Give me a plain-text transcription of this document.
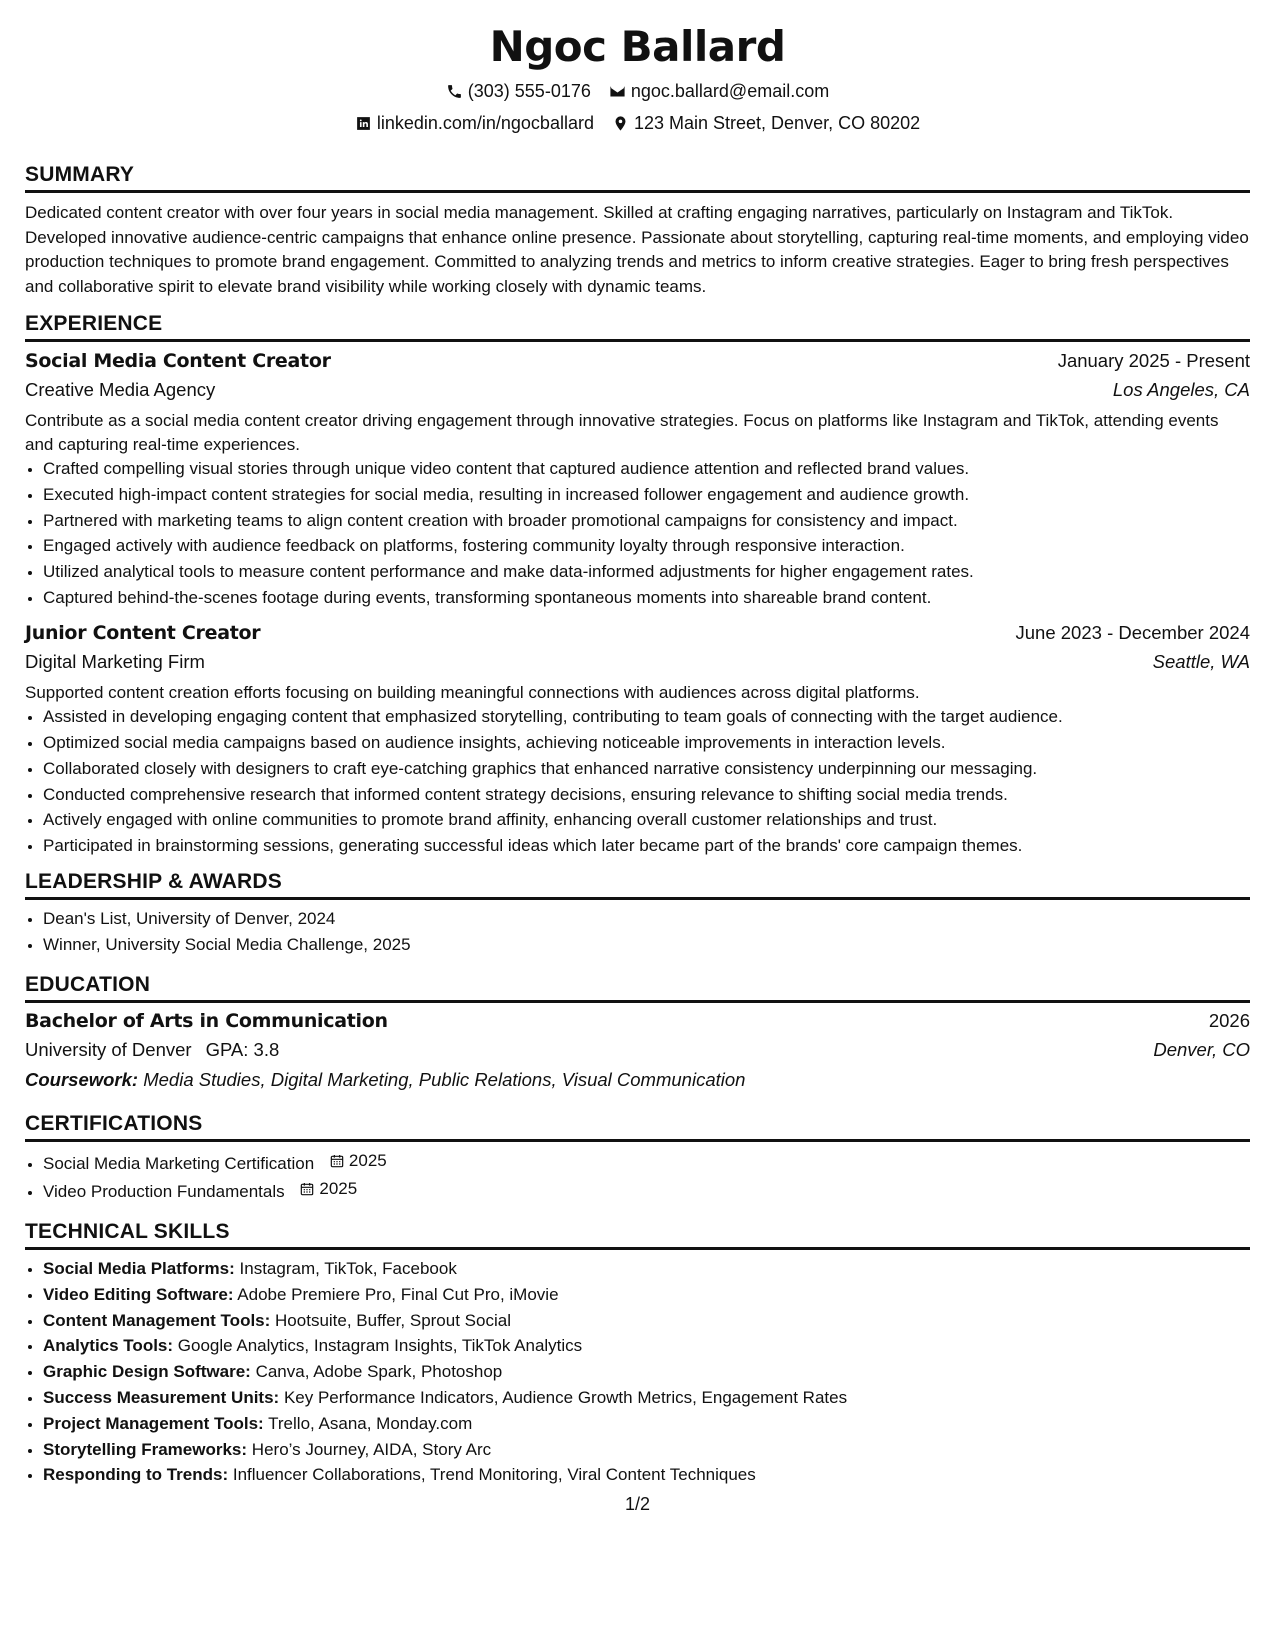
Ngoc Ballard
(303) 555-0176 ngoc.ballard@email.com
linkedin.com/in/ngocballard 123 Main Street, Denver, CO 80202
SUMMARY

Dedicated content creator with over four years in social media management. Skilled at crafting engaging narratives, particularly on Instagram and TikTok. Developed innovative audience-centric campaigns that enhance online presence. Passionate about storytelling, capturing real-time moments, and employing video production techniques to promote brand engagement. Committed to analyzing trends and metrics to inform creative strategies. Eager to bring fresh perspectives and collaborative spirit to elevate brand visibility while working closely with dynamic teams.

EXPERIENCE
Social Media Content Creator	January 2025 - Present
Creative Media Agency	Los Angeles, CA

Contribute as a social media content creator driving engagement through innovative strategies. Focus on platforms like Instagram and TikTok, attending events and capturing real-time experiences.

• Crafted compelling visual stories through unique video content that captured audience attention and reflected brand values.
• Executed high-impact content strategies for social media, resulting in increased follower engagement and audience growth.
• Partnered with marketing teams to align content creation with broader promotional campaigns for consistency and impact.
• Engaged actively with audience feedback on platforms, fostering community loyalty through responsive interaction.
• Utilized analytical tools to measure content performance and make data-informed adjustments for higher engagement rates.
• Captured behind-the-scenes footage during events, transforming spontaneous moments into shareable brand content.
Junior Content Creator	June 2023 - December 2024
Digital Marketing Firm	Seattle, WA

Supported content creation efforts focusing on building meaningful connections with audiences across digital platforms.

• Assisted in developing engaging content that emphasized storytelling, contributing to team goals of connecting with the target audience.
• Optimized social media campaigns based on audience insights, achieving noticeable improvements in interaction levels.
• Collaborated closely with designers to craft eye-catching graphics that enhanced narrative consistency underpinning our messaging.
• Conducted comprehensive research that informed content strategy decisions, ensuring relevance to shifting social media trends.
• Actively engaged with online communities to promote brand affinity, enhancing overall customer relationships and trust.
• Participated in brainstorming sessions, generating successful ideas which later became part of the brands' core campaign themes.
LEADERSHIP & AWARDS
• Dean's List, University of Denver, 2024
• Winner, University Social Media Challenge, 2025
EDUCATION
Bachelor of Arts in Communication	2026
University of Denver GPA: 3.8	Denver, CO
Coursework: Media Studies, Digital Marketing, Public Relations, Visual Communication
CERTIFICATIONS
• Social Media Marketing Certification 2025
• Video Production Fundamentals 2025
TECHNICAL SKILLS
• Social Media Platforms: Instagram, TikTok, Facebook
• Video Editing Software: Adobe Premiere Pro, Final Cut Pro, iMovie
• Content Management Tools: Hootsuite, Buffer, Sprout Social
• Analytics Tools: Google Analytics, Instagram Insights, TikTok Analytics
• Graphic Design Software: Canva, Adobe Spark, Photoshop
• Success Measurement Units: Key Performance Indicators, Audience Growth Metrics, Engagement Rates
• Project Management Tools: Trello, Asana, Monday.com
• Storytelling Frameworks: Hero’s Journey, AIDA, Story Arc
• Responding to Trends: Influencer Collaborations, Trend Monitoring, Viral Content Techniques
1/2
